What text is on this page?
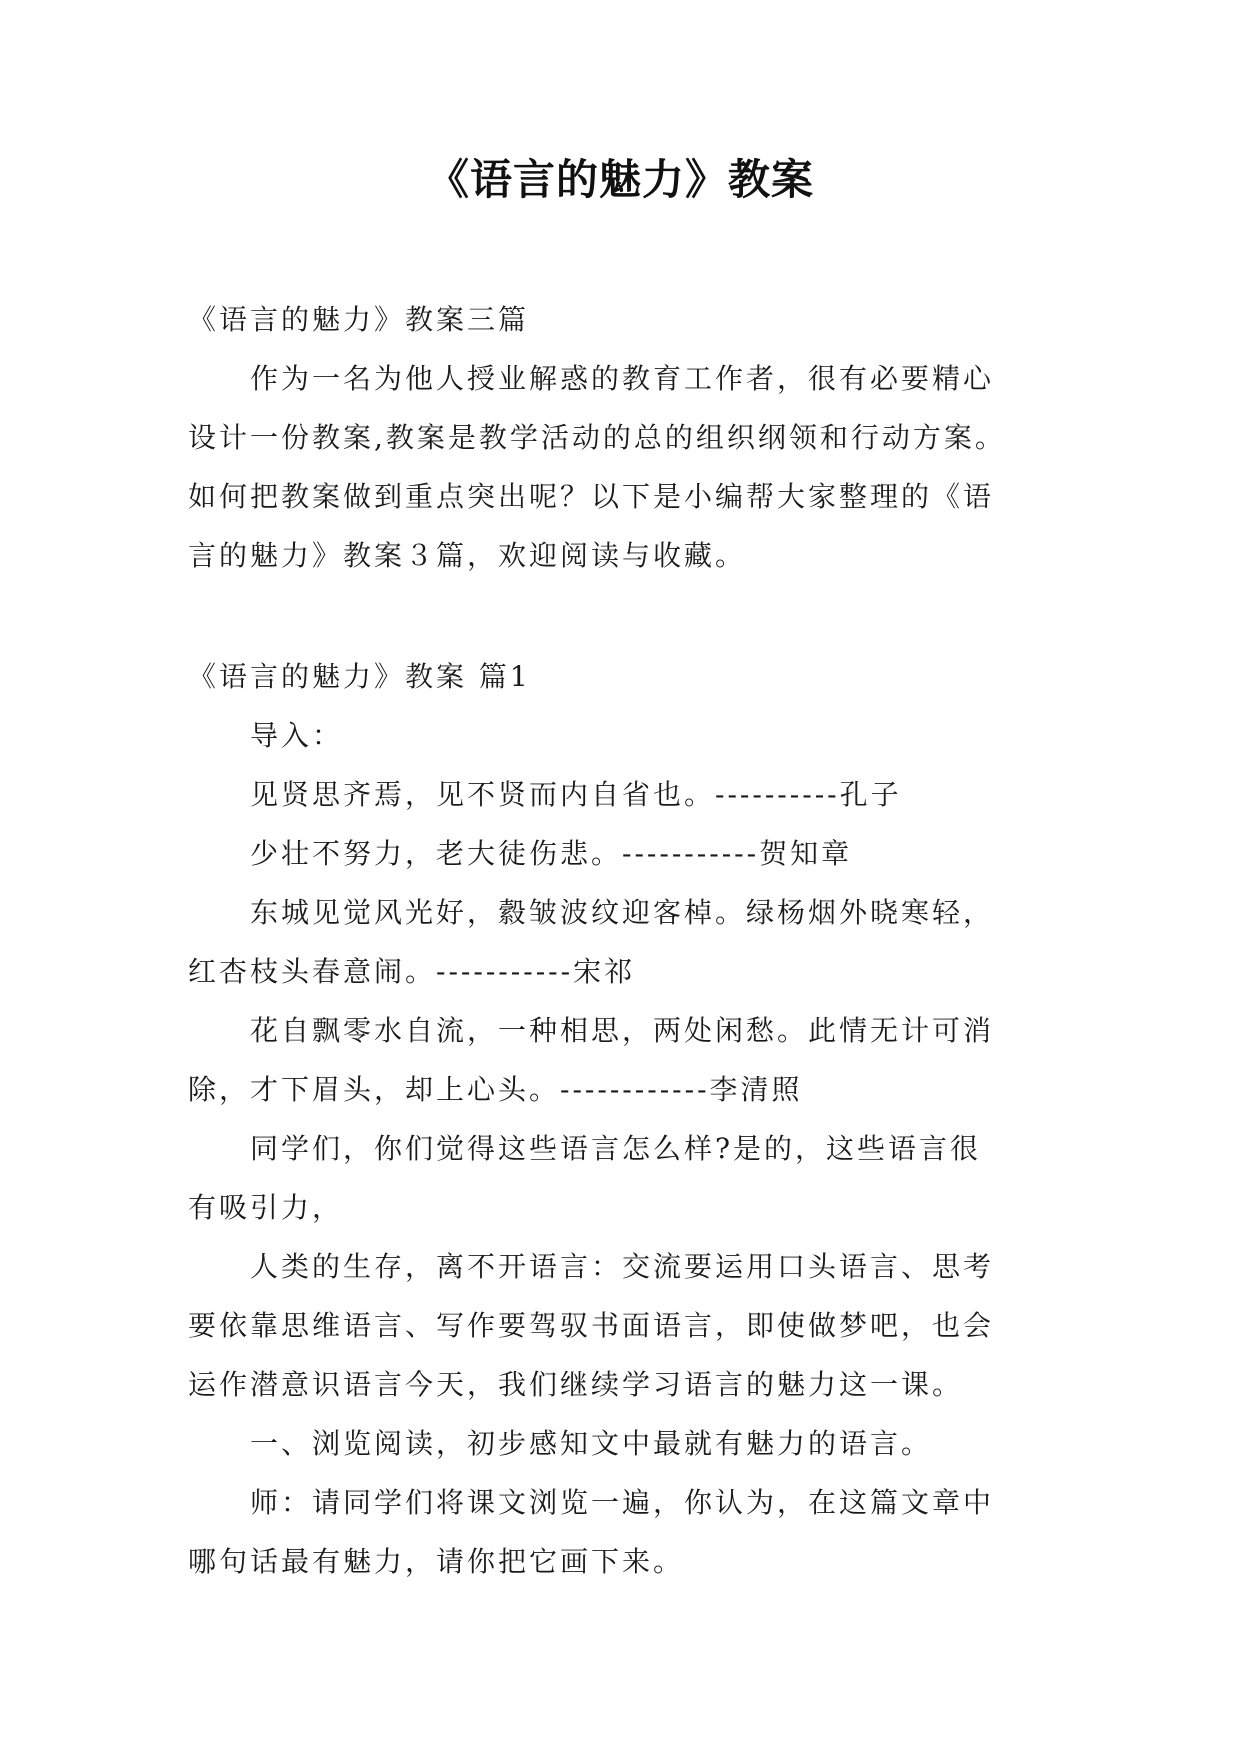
《语言的魅力》教案
《语言的魅力》教案三篇
作为一名为他人授业解惑的教育工作者，很有必要精心
设计一份教案,教案是教学活动的总的组织纲领和行动方案。
如何把教案做到重点突出呢？以下是小编帮大家整理的《语
言的魅力》教案３篇，欢迎阅读与收藏。
《语言的魅力》教案 篇1
导入：
见贤思齐焉，见不贤而内自省也。----------孔子
少壮不努力，老大徒伤悲。-----------贺知章
东城见觉风光好，縠皱波纹迎客棹。绿杨烟外晓寒轻，
红杏枝头春意闹。-----------宋祁
花自飘零水自流，一种相思，两处闲愁。此情无计可消
除，才下眉头，却上心头。------------李清照
同学们，你们觉得这些语言怎么样?是的，这些语言很
有吸引力，
人类的生存，离不开语言：交流要运用口头语言、思考
要依靠思维语言、写作要驾驭书面语言，即使做梦吧，也会
运作潜意识语言今天，我们继续学习语言的魅力这一课。
一、浏览阅读，初步感知文中最就有魅力的语言。
师：请同学们将课文浏览一遍，你认为，在这篇文章中
哪句话最有魅力，请你把它画下来。
